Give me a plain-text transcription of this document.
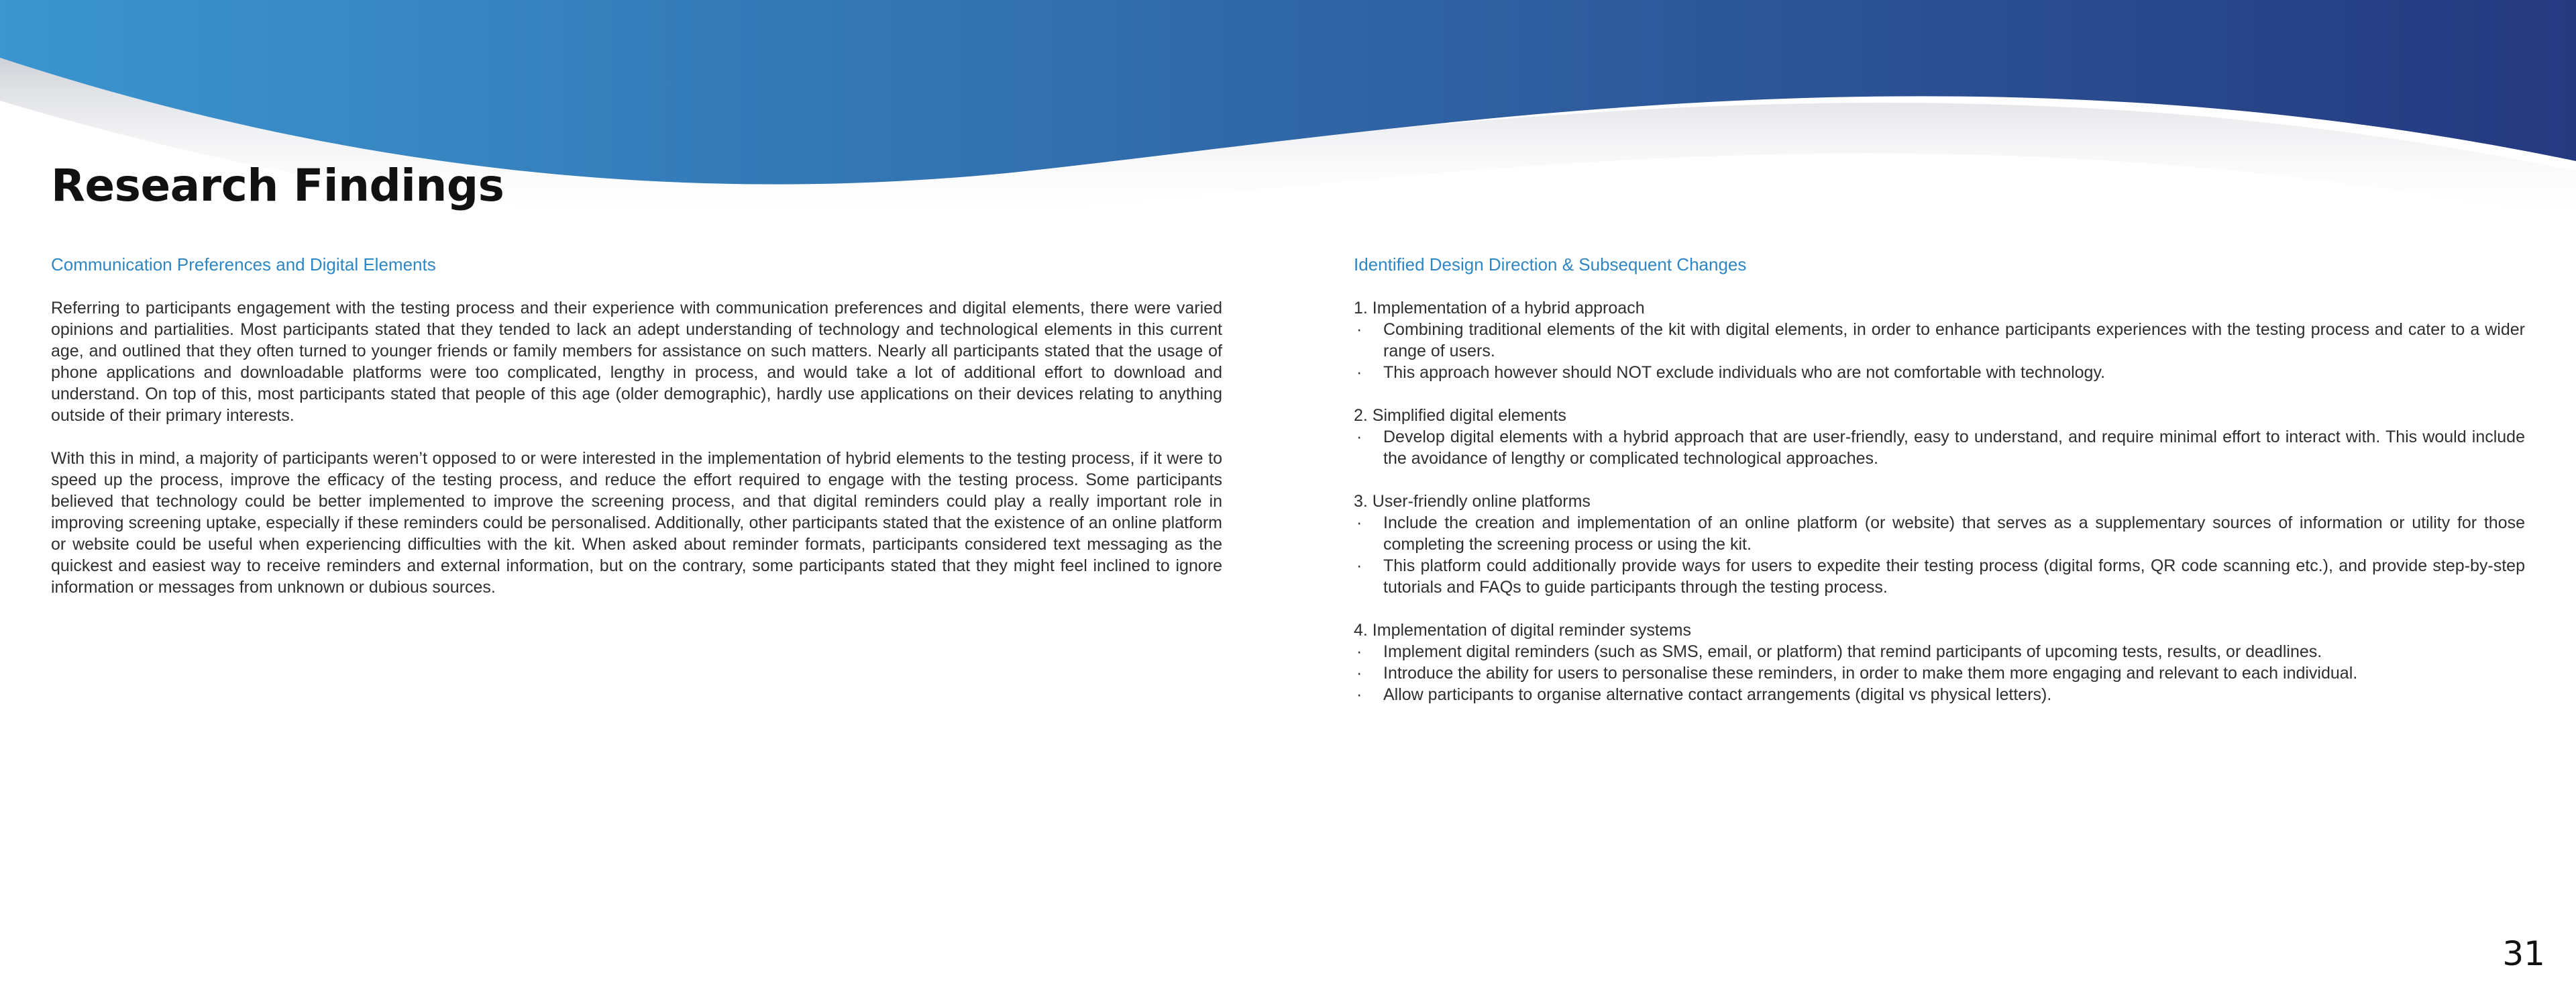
Research Findings

Communication Preferences and Digital Elements

Referring to participants engagement with the testing process and their experience with communication preferences and digital elements, there were varied opinions and partialities. Most participants stated that they tended to lack an adept understanding of technology and technological elements in this current age, and outlined that they often turned to younger friends or family members for assistance on such matters. Nearly all participants stated that the usage of phone applications and downloadable platforms were too complicated, lengthy in process, and would take a lot of additional effort to download and understand. On top of this, most participants stated that people of this age (older demographic), hardly use applications on their devices relating to anything outside of their primary interests.

With this in mind, a majority of participants weren’t opposed to or were interested in the implementation of hybrid elements to the testing process, if it were to speed up the process, improve the efficacy of the testing process, and reduce the effort required to engage with the testing process. Some participants believed that technology could be better implemented to improve the screening process, and that digital reminders could play a really important role in improving screening uptake, especially if these reminders could be personalised. Additionally, other participants stated that the existence of an online platform or website could be useful when experiencing difficulties with the kit. When asked about reminder formats, participants considered text messaging as the quickest and easiest way to receive reminders and external information, but on the contrary, some participants stated that they might feel inclined to ignore information or messages from unknown or dubious sources.

Identified Design Direction & Subsequent Changes

1. Implementation of a hybrid approach

· Combining traditional elements of the kit with digital elements, in order to enhance participants experiences with the testing process and cater to a wider range of users.
· This approach however should NOT exclude individuals who are not comfortable with technology.

2. Simplified digital elements

· Develop digital elements with a hybrid approach that are user-friendly, easy to understand, and require minimal effort to interact with. This would include the avoidance of lengthy or complicated technological approaches.

3. User-friendly online platforms

· Include the creation and implementation of an online platform (or website) that serves as a supplementary sources of information or utility for those completing the screening process or using the kit.
· This platform could additionally provide ways for users to expedite their testing process (digital forms, QR code scanning etc.), and provide step-by-step tutorials and FAQs to guide participants through the testing process.

4. Implementation of digital reminder systems

· Implement digital reminders (such as SMS, email, or platform) that remind participants of upcoming tests, results, or deadlines.
· Introduce the ability for users to personalise these reminders, in order to make them more engaging and relevant to each individual.
· Allow participants to organise alternative contact arrangements (digital vs physical letters).
31
